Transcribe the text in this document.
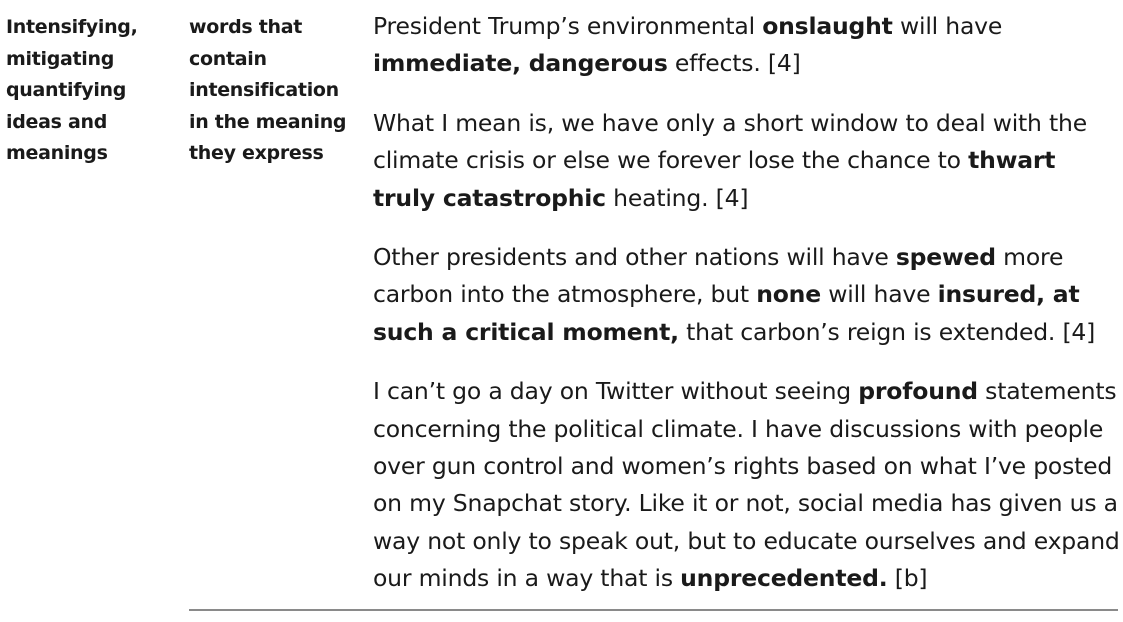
Intensifying, mitigating quantifying ideas and meanings
words that contain intensification in the meaning they express

President Trump’s environmental onslaught will have immediate, dangerous effects. [4]

What I mean is, we have only a short window to deal with the climate crisis or else we forever lose the chance to thwart truly catastrophic heating. [4]

Other presidents and other nations will have spewed more carbon into the atmosphere, but none will have insured, at such a critical moment, that carbon’s reign is extended. [4]

I can’t go a day on Twitter without seeing profound statements concerning the political climate. I have discussions with people over gun control and women’s rights based on what I’ve posted on my Snapchat story. Like it or not, social media has given us a way not only to speak out, but to educate ourselves and expand our minds in a way that is unprecedented. [b]
